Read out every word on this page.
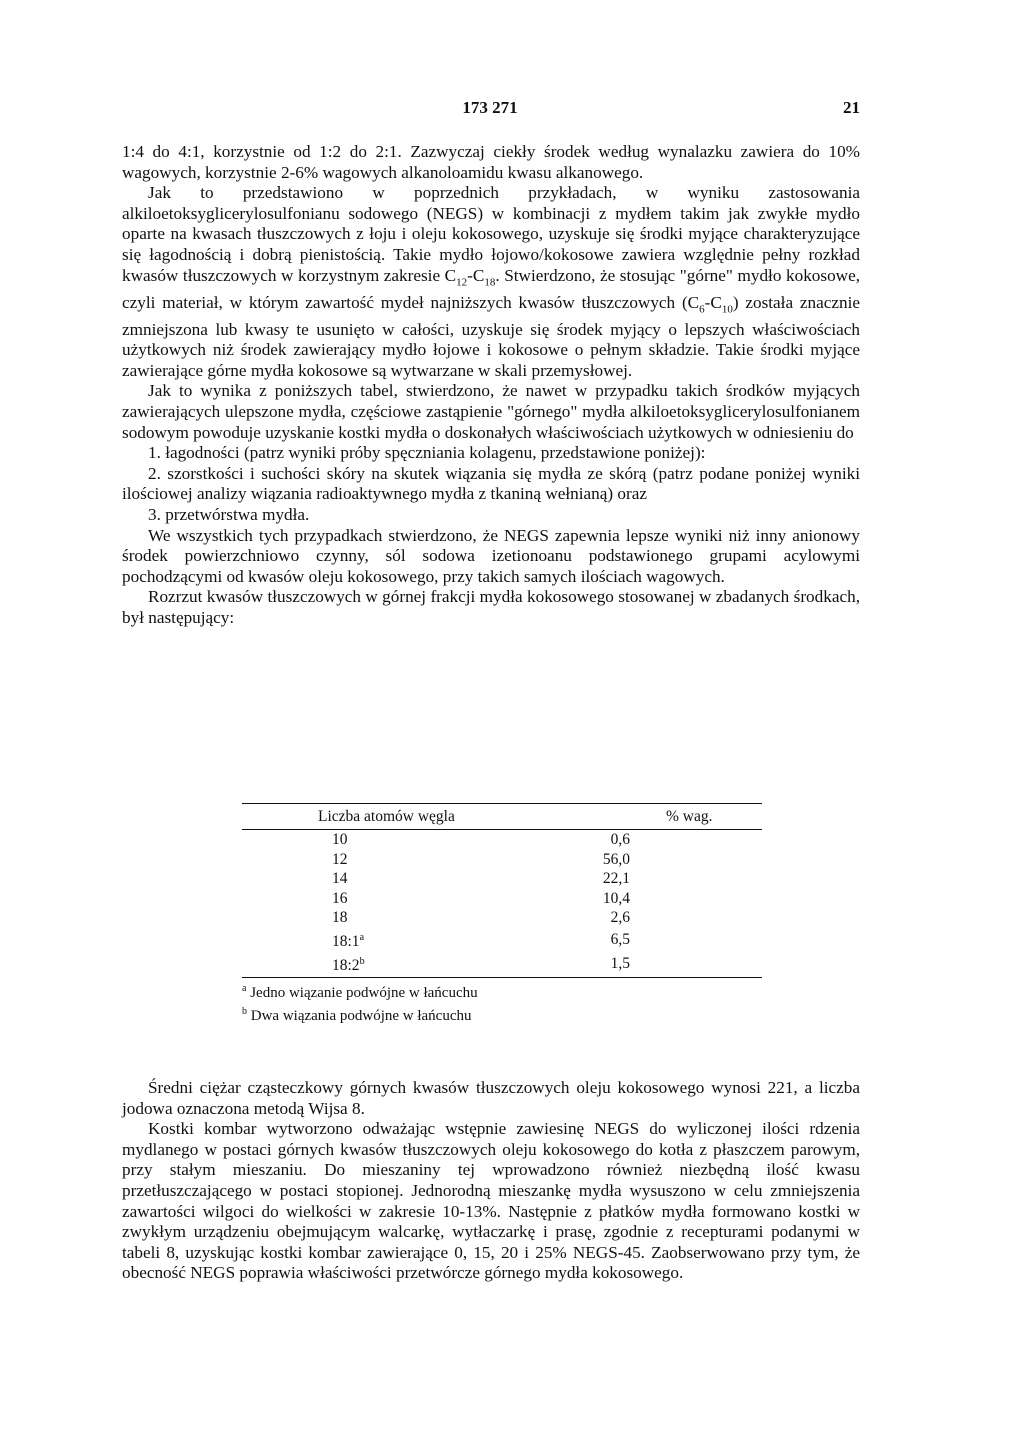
173 271	21

1:4 do 4:1, korzystnie od 1:2 do 2:1. Zazwyczaj ciekły środek według wynalazku zawiera do 10% wagowych, korzystnie 2-6% wagowych alkanoloamidu kwasu alkanowego.

Jak to przedstawiono w poprzednich przykładach, w wyniku zastosowania alkiloetoksyglicerylosulfonianu sodowego (NEGS) w kombinacji z mydłem takim jak zwykłe mydło oparte na kwasach tłuszczowych z łoju i oleju kokosowego, uzyskuje się środki myjące charakteryzujące się łagodnością i dobrą pienistością. Takie mydło łojowo/kokosowe zawiera względnie pełny rozkład kwasów tłuszczowych w korzystnym zakresie $C_{12}-C_{18}$. Stwierdzono, że stosując "górne" mydło kokosowe, czyli materiał, w którym zawartość mydeł najniższych kwasów tłuszczowych $(C_6-C_{10})$ została znacznie zmniejszona lub kwasy te usunięto w całości, uzyskuje się środek myjący o lepszych właściwościach użytkowych niż środek zawierający mydło łojowe i kokosowe o pełnym składzie. Takie środki myjące zawierające górne mydła kokosowe są wytwarzane w skali przemysłowej.

Jak to wynika z poniższych tabel, stwierdzono, że nawet w przypadku takich środków myjących zawierających ulepszone mydła, częściowe zastąpienie "górnego" mydła alkiloetoksyglicerylosulfonianem sodowym powoduje uzyskanie kostki mydła o doskonałych właściwościach użytkowych w odniesieniu do

1. łagodności (patrz wyniki próby spęczniania kolagenu, przedstawione poniżej):

2. szorstkości i suchości skóry na skutek wiązania się mydła ze skórą (patrz podane poniżej wyniki ilościowej analizy wiązania radioaktywnego mydła z tkaniną wełnianą) oraz

3. przetwórstwa mydła.

We wszystkich tych przypadkach stwierdzono, że NEGS zapewnia lepsze wyniki niż inny anionowy środek powierzchniowo czynny, sól sodowa izetionoanu podstawionego grupami acylowymi pochodzącymi od kwasów oleju kokosowego, przy takich samych ilościach wagowych.

Rozrzut kwasów tłuszczowych w górnej frakcji mydła kokosowego stosowanej w zbadanych środkach, był następujący:

Liczba atomów węgla	% wag.
10	0,6
12	56,0
14	22,1
16	10,4
18	2,6
18:1$^a$	6,5
18:2$^b$	1,5
$^a$ Jedno wiązanie podwójne w łańcuchu
$^b$ Dwa wiązania podwójne w łańcuchu

Średni ciężar cząsteczkowy górnych kwasów tłuszczowych oleju kokosowego wynosi 221, a liczba jodowa oznaczona metodą Wijsa 8.

Kostki kombar wytworzono odważając wstępnie zawiesinę NEGS do wyliczonej ilości rdzenia mydlanego w postaci górnych kwasów tłuszczowych oleju kokosowego do kotła z płaszczem parowym, przy stałym mieszaniu. Do mieszaniny tej wprowadzono również niezbędną ilość kwasu przetłuszczającego w postaci stopionej. Jednorodną mieszankę mydła wysuszono w celu zmniejszenia zawartości wilgoci do wielkości w zakresie 10-13%. Następnie z płatków mydła formowano kostki w zwykłym urządzeniu obejmującym walcarkę, wytłaczarkę i prasę, zgodnie z recepturami podanymi w tabeli 8, uzyskując kostki kombar zawierające 0, 15, 20 i 25% NEGS-45. Zaobserwowano przy tym, że obecność NEGS poprawia właściwości przetwórcze górnego mydła kokosowego.
